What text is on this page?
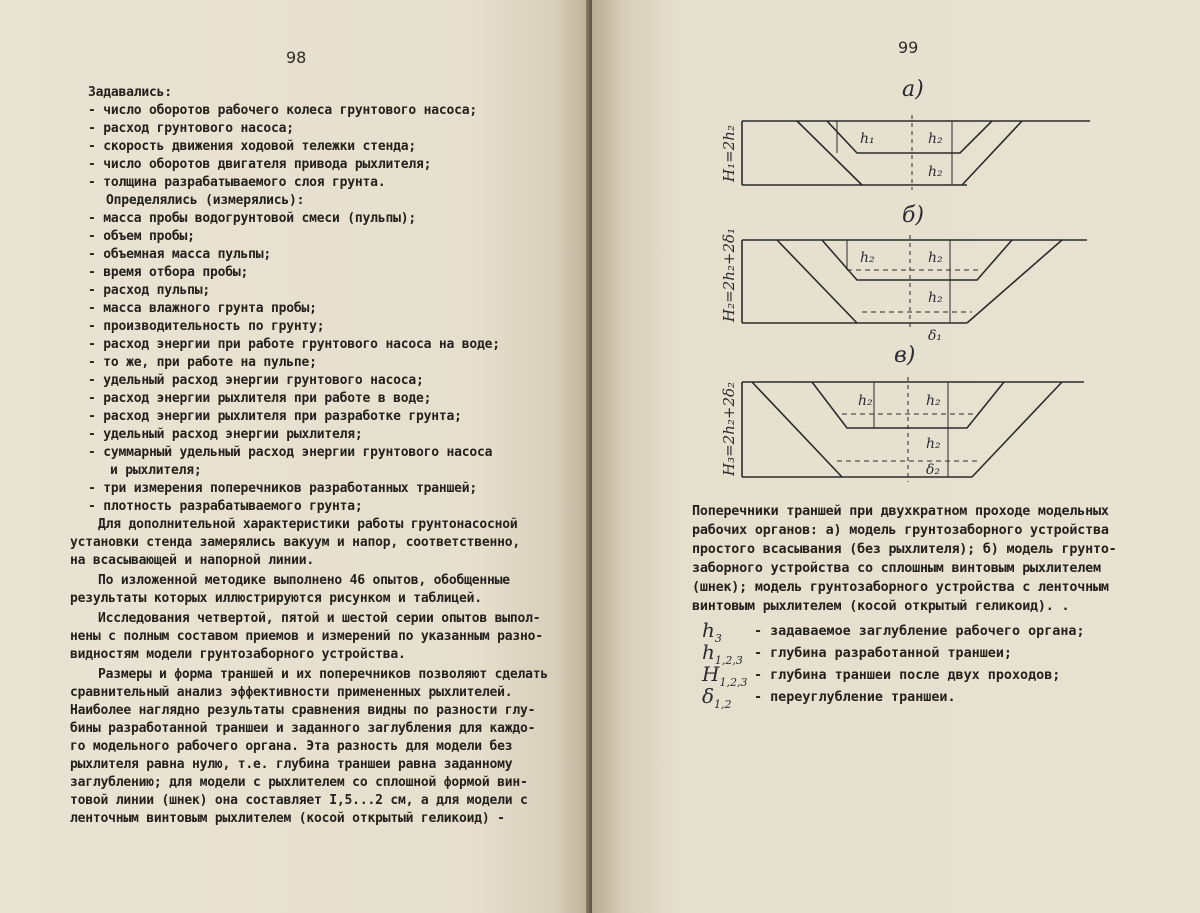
98
Задавались:
- число оборотов рабочего колеса грунтового насоса;
- расход грунтового насоса;
- скорость движения ходовой тележки стенда;
- число оборотов двигателя привода рыхлителя;
- толщина разрабатываемого слоя грунта.
Определялись (измерялись):
- масса пробы водогрунтовой смеси (пульпы);
- объем пробы;
- объемная масса пульпы;
- время отбора пробы;
- расход пульпы;
- масса влажного грунта пробы;
- производительность по грунту;
- расход энергии при работе грунтового насоса на воде;
- то же, при работе на пульпе;
- удельный расход энергии грунтового насоса;
- расход энергии рыхлителя при работе в воде;
- расход энергии рыхлителя при разработке грунта;
- удельный расход энергии рыхлителя;
- суммарный удельный расход энергии грунтового насоса
и рыхлителя;
- три измерения поперечников разработанных траншей;
- плотность разрабатываемого грунта;
Для дополнительной характеристики работы грунтонасосной
установки стенда замерялись вакуум и напор, соответственно,
на всасывающей и напорной линии.
По изложенной методике выполнено 46 опытов, обобщенные
результаты которых иллюстрируются рисунком и таблицей.
Исследования четвертой, пятой и шестой серии опытов выпол-
нены с полным составом приемов и измерений по указанным разно-
видностям модели грунтозаборного устройства.
Размеры и форма траншей и их поперечников позволяют сделать
сравнительный анализ эффективности примененных рыхлителей.
Наиболее наглядно результаты сравнения видны по разности глу-
бины разработанной траншеи и заданного заглубления для каждо-
го модельного рабочего органа. Эта разность для модели без
рыхлителя равна нулю, т.е. глубина траншеи равна заданному
заглублению; для модели с рыхлителем со сплошной формой вин-
товой линии (шнек) она составляет I,5...2 см, а для модели с
ленточным винтовым рыхлителем (косой открытый геликоид) -
99
а)
h₁	h₂
h₂
H₁=2h₂
б)
h₂	h₂
h₂
δ₁
H₂=2h₂+2δ₁
в)
h₂	h₂
h₂
δ₂
H₃=2h₂+2δ₂
Поперечники траншей при двухкратном проходе модельных
рабочих органов: а) модель грунтозаборного устройства
простого всасывания (без рыхлителя); б) модель грунто-
заборного устройства со сплошным винтовым рыхлителем
(шнек); модель грунтозаборного устройства с ленточным
винтовым рыхлителем (косой открытый геликоид). .
$h_3$ - задаваемое заглубление рабочего органа;
$h_{1,2,3}$ - глубина разработанной траншеи;
$H_{1,2,3}$ - глубина траншеи после двух проходов;
$\delta_{1,2}$ - переуглубление траншеи.
